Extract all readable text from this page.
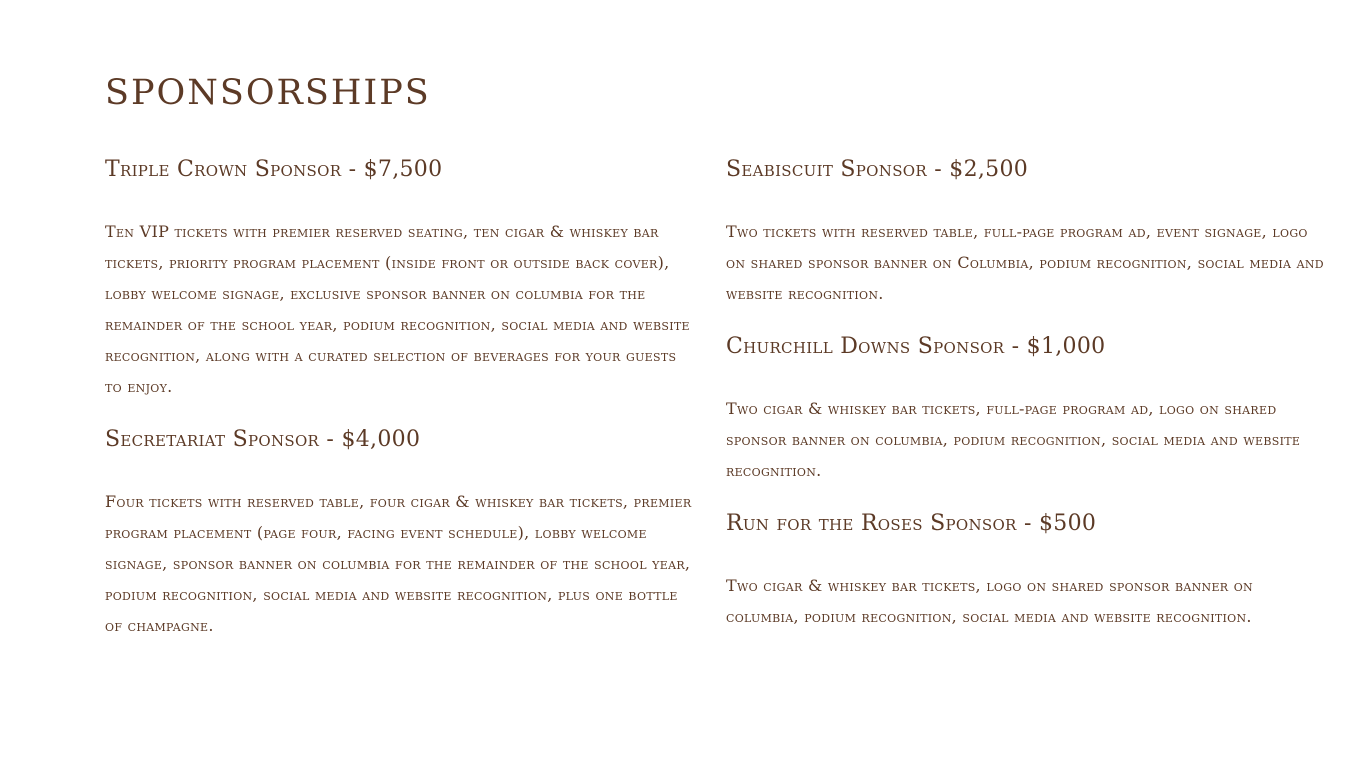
SPONSORSHIPS
Triple Crown Sponsor - $7,500

Ten VIP tickets with premier reserved seating, ten cigar & whiskey bar tickets, priority program placement (inside front or outside back cover), lobby welcome signage, exclusive sponsor banner on columbia for the remainder of the school year, podium recognition, social media and website recognition, along with a curated selection of beverages for your guests to enjoy.

Secretariat Sponsor - $4,000

Four tickets with reserved table, four cigar & whiskey bar tickets, premier program placement (page four, facing event schedule), lobby welcome signage, sponsor banner on columbia for the remainder of the school year, podium recognition, social media and website recognition, plus one bottle of champagne.

Seabiscuit Sponsor - $2,500

Two tickets with reserved table, full-page program ad, event signage, logo on shared sponsor banner on Columbia, podium recognition, social media and website recognition.

Churchill Downs Sponsor - $1,000

Two cigar & whiskey bar tickets, full-page program ad, logo on shared sponsor banner on columbia, podium recognition, social media and website recognition.

Run for the Roses Sponsor - $500

Two cigar & whiskey bar tickets, logo on shared sponsor banner on columbia, podium recognition, social media and website recognition.
